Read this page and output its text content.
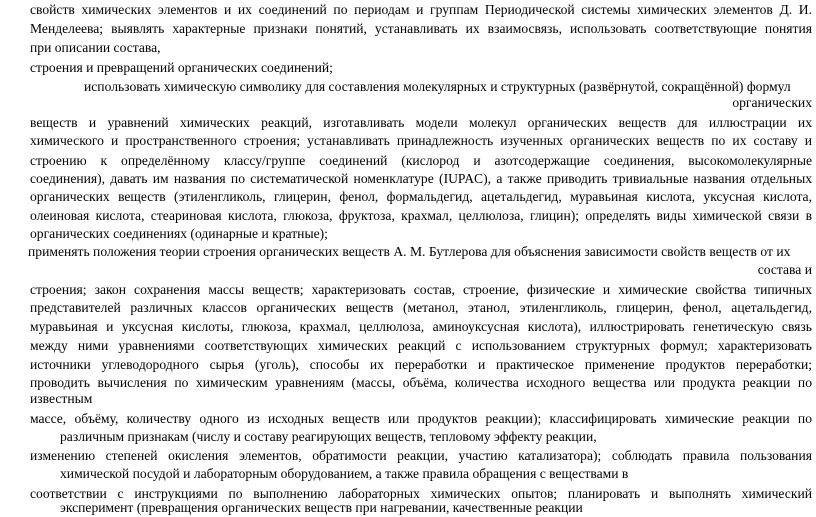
свойств химических элементов и их соединений по периодам и группам Периодической системы химических элементов Д. И.

Менделеева; выявлять характерные признаки понятий, устанавливать их взаимосвязь, использовать соответствующие понятия

при описании состава,

строения и превращений органических соединений;

использовать химическую символику для составления молекулярных и структурных (развёрнутой, сокращённой) формул

органических

веществ и уравнений химических реакций, изготавливать модели молекул органических веществ для иллюстрации их

химического и пространственного строения; устанавливать принадлежность изученных органических веществ по их составу и

строению к определённому классу/группе соединений (кислород и азотсодержащие соединения, высокомолекулярные

соединения), давать им названия по систематической номенклатуре (IUPAC), а также приводить тривиальные названия отдельных

органических веществ (этиленгликоль, глицерин, фенол, формальдегид, ацетальдегид, муравьиная кислота, уксусная кислота,

олеиновая кислота, стеариновая кислота, глюкоза, фруктоза, крахмал, целлюлоза, глицин); определять виды химической связи в

органических соединениях (одинарные и кратные);

применять положения теории строения органических веществ А. М. Бутлерова для объяснения зависимости свойств веществ от их

состава и

строения; закон сохранения массы веществ; характеризовать состав, строение, физические и химические свойства типичных

представителей различных классов органических веществ (метанол, этанол, этиленгликоль, глицерин, фенол, ацетальдегид,

муравьиная и уксусная кислоты, глюкоза, крахмал, целлюлоза, аминоуксусная кислота), иллюстрировать генетическую связь

между ними уравнениями соответствующих химических реакций с использованием структурных формул; характеризовать

источники углеводородного сырья (уголь), способы их переработки и практическое применение продуктов переработки;

проводить вычисления по химическим уравнениям (массы, объёма, количества исходного вещества или продукта реакции по

известным

массе, объёму, количеству одного из исходных веществ или продуктов реакции); классифицировать химические реакции по

различным признакам (числу и составу реагирующих веществ, тепловому эффекту реакции,

изменению степеней окисления элементов, обратимости реакции, участию катализатора); соблюдать правила пользования

химической посудой и лабораторным оборудованием, а также правила обращения с веществами в

соответствии с инструкциями по выполнению лабораторных химических опытов; планировать и выполнять химический

эксперимент (превращения органических веществ при нагревании, качественные реакции
